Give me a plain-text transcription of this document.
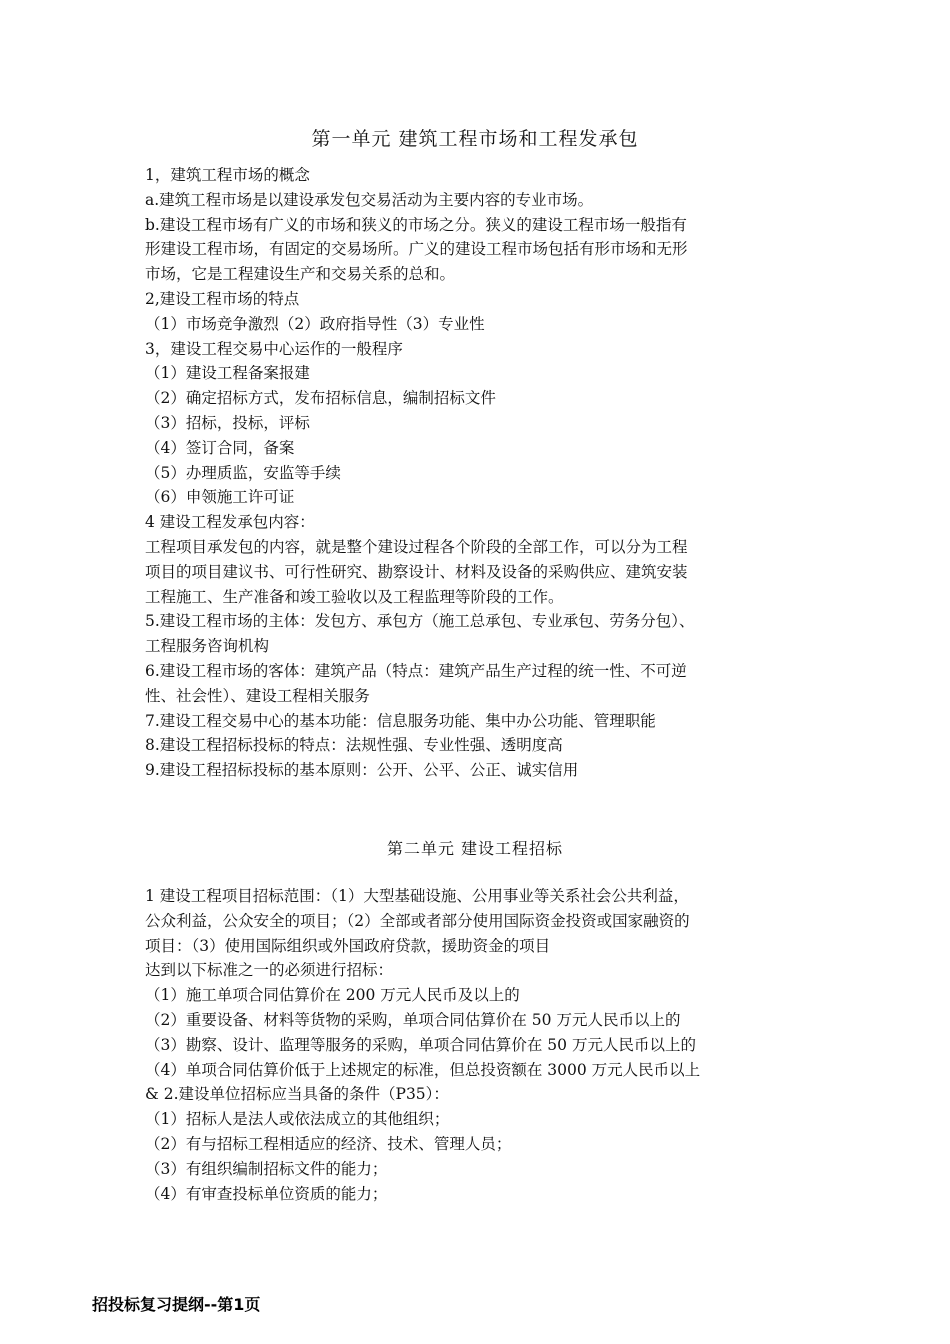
第一单元 建筑工程市场和工程发承包
1，建筑工程市场的概念
a.建筑工程市场是以建设承发包交易活动为主要内容的专业市场。
b.建设工程市场有广义的市场和狭义的市场之分。狭义的建设工程市场一般指有
形建设工程市场，有固定的交易场所。广义的建设工程市场包括有形市场和无形
市场，它是工程建设生产和交易关系的总和。
2,建设工程市场的特点
（1）市场竞争激烈（2）政府指导性（3）专业性
3，建设工程交易中心运作的一般程序
（1）建设工程备案报建
（2）确定招标方式，发布招标信息，编制招标文件
（3）招标，投标，评标
（4）签订合同，备案
（5）办理质监，安监等手续
（6）申领施工许可证
4 建设工程发承包内容：
工程项目承发包的内容，就是整个建设过程各个阶段的全部工作，可以分为工程
项目的项目建议书、可行性研究、勘察设计、材料及设备的采购供应、建筑安装
工程施工、生产准备和竣工验收以及工程监理等阶段的工作。
5.建设工程市场的主体：发包方、承包方（施工总承包、专业承包、劳务分包）、
工程服务咨询机构
6.建设工程市场的客体：建筑产品（特点：建筑产品生产过程的统一性、不可逆
性、社会性）、建设工程相关服务
7.建设工程交易中心的基本功能：信息服务功能、集中办公功能、管理职能
8.建设工程招标投标的特点：法规性强、专业性强、透明度高
9.建设工程招标投标的基本原则：公开、公平、公正、诚实信用
第二单元 建设工程招标
1 建设工程项目招标范围：（1）大型基础设施、公用事业等关系社会公共利益，
公众利益，公众安全的项目；（2）全部或者部分使用国际资金投资或国家融资的
项目：（3）使用国际组织或外国政府贷款，援助资金的项目
达到以下标准之一的必须进行招标：
（1）施工单项合同估算价在 200 万元人民币及以上的
（2）重要设备、材料等货物的采购，单项合同估算价在 50 万元人民币以上的
（3）勘察、设计、监理等服务的采购，单项合同估算价在 50 万元人民币以上的
（4）单项合同估算价低于上述规定的标准，但总投资额在 3000 万元人民币以上
& 2.建设单位招标应当具备的条件（P35）：
（1）招标人是法人或依法成立的其他组织；
（2）有与招标工程相适应的经济、技术、管理人员；
（3）有组织编制招标文件的能力；
（4）有审查投标单位资质的能力；
招投标复习提纲--第1页
